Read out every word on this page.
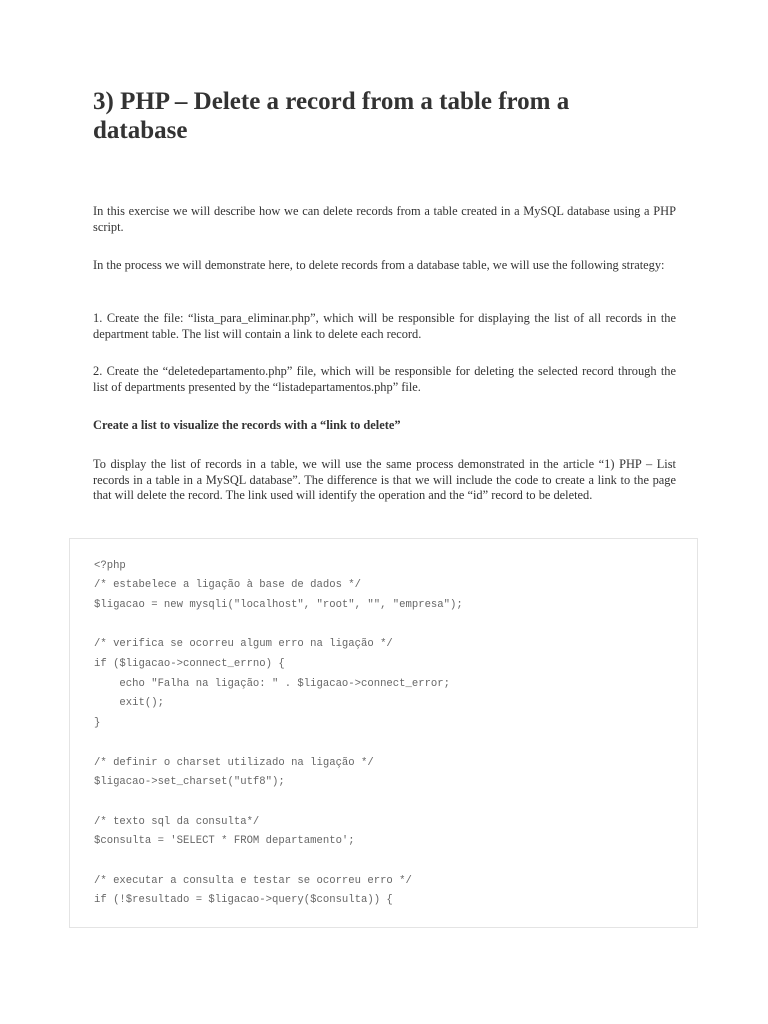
3) PHP – Delete a record from a table from a database

In this exercise we will describe how we can delete records from a table created in a MySQL database using a PHP script.

In the process we will demonstrate here, to delete records from a database table, we will use the following strategy:

1. Create the file: “lista_para_eliminar.php”, which will be responsible for displaying the list of all records in the department table. The list will contain a link to delete each record.

2. Create the “deletedepartamento.php” file, which will be responsible for deleting the selected record through the list of departments presented by the “listadepartamentos.php” file.

Create a list to visualize the records with a “link to delete”

To display the list of records in a table, we will use the same process demonstrated in the article “1) PHP – List records in a table in a MySQL database”. The difference is that we will include the code to create a link to the page that will delete the record. The link used will identify the operation and the “id” record to be deleted.

<?php
/* estabelece a ligação à base de dados */
$ligacao = new mysqli("localhost", "root", "", "empresa");
/* verifica se ocorreu algum erro na ligação */
if ($ligacao->connect_errno) {
echo "Falha na ligação: " . $ligacao->connect_error;
exit();
}
/* definir o charset utilizado na ligação */
$ligacao->set_charset("utf8");
/* texto sql da consulta*/
$consulta = 'SELECT * FROM departamento';
/* executar a consulta e testar se ocorreu erro */
if (!$resultado = $ligacao->query($consulta)) {
